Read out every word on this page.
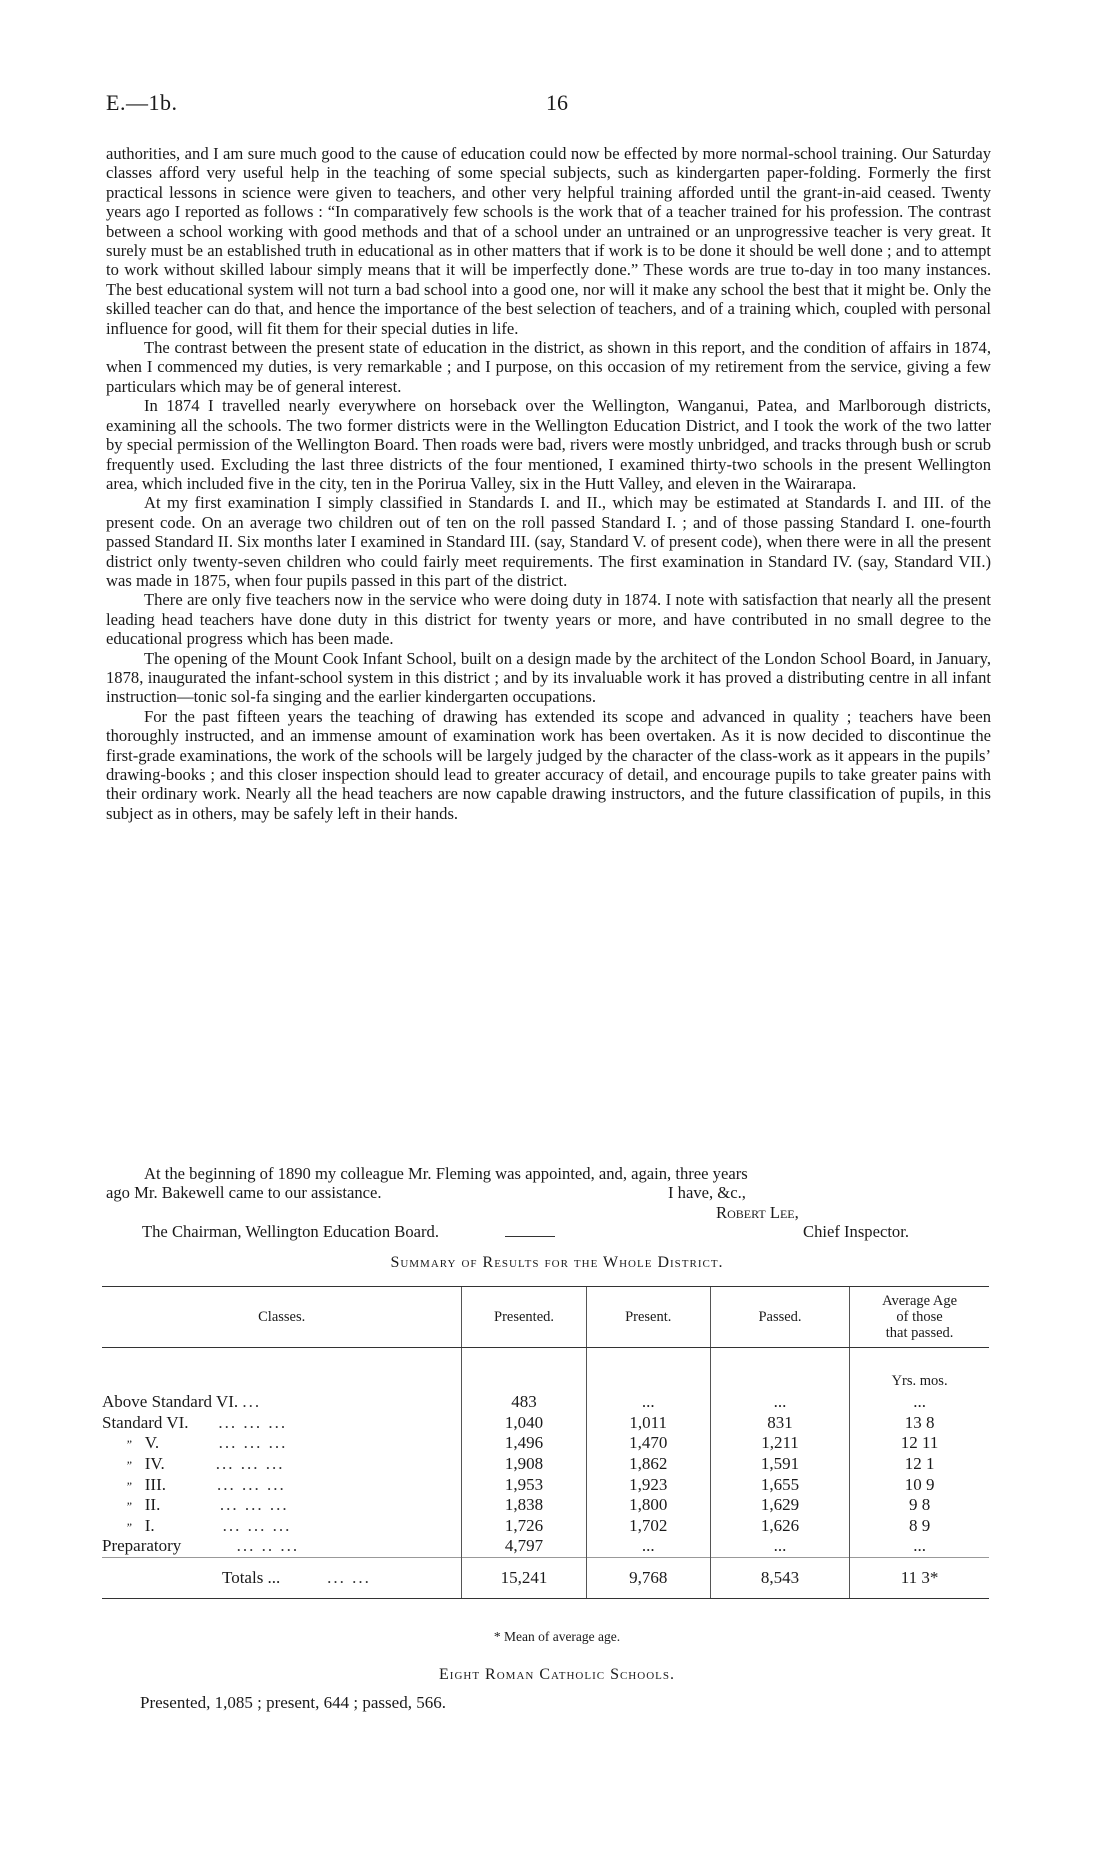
E.—1b.	16

authorities, and I am sure much good to the cause of education could now be effected by more normal-school training. Our Saturday classes afford very useful help in the teaching of some special subjects, such as kindergarten paper-folding. Formerly the first practical lessons in science were given to teachers, and other very helpful training afforded until the grant-in-aid ceased. Twenty years ago I reported as follows : “In comparatively few schools is the work that of a teacher trained for his profession. The contrast between a school working with good methods and that of a school under an untrained or an unprogressive teacher is very great. It surely must be an established truth in educational as in other matters that if work is to be done it should be well done ; and to attempt to work without skilled labour simply means that it will be imperfectly done.” These words are true to-day in too many instances. The best educational system will not turn a bad school into a good one, nor will it make any school the best that it might be. Only the skilled teacher can do that, and hence the importance of the best selection of teachers, and of a training which, coupled with personal influence for good, will fit them for their special duties in life.

The contrast between the present state of education in the district, as shown in this report, and the condition of affairs in 1874, when I commenced my duties, is very remarkable ; and I purpose, on this occasion of my retirement from the service, giving a few particulars which may be of general interest.

In 1874 I travelled nearly everywhere on horseback over the Wellington, Wanganui, Patea, and Marlborough districts, examining all the schools. The two former districts were in the Wellington Education District, and I took the work of the two latter by special permission of the Wellington Board. Then roads were bad, rivers were mostly unbridged, and tracks through bush or scrub frequently used. Excluding the last three districts of the four mentioned, I examined thirty-two schools in the present Wellington area, which included five in the city, ten in the Porirua Valley, six in the Hutt Valley, and eleven in the Wairarapa.

At my first examination I simply classified in Standards I. and II., which may be estimated at Standards I. and III. of the present code. On an average two children out of ten on the roll passed Standard I. ; and of those passing Standard I. one-fourth passed Standard II. Six months later I examined in Standard III. (say, Standard V. of present code), when there were in all the present district only twenty-seven children who could fairly meet requirements. The first examination in Standard IV. (say, Standard VII.) was made in 1875, when four pupils passed in this part of the district.

There are only five teachers now in the service who were doing duty in 1874. I note with satisfaction that nearly all the present leading head teachers have done duty in this district for twenty years or more, and have contributed in no small degree to the educational progress which has been made.

The opening of the Mount Cook Infant School, built on a design made by the architect of the London School Board, in January, 1878, inaugurated the infant-school system in this district ; and by its invaluable work it has proved a distributing centre in all infant instruction—tonic sol-fa singing and the earlier kindergarten occupations.

For the past fifteen years the teaching of drawing has extended its scope and advanced in quality ; teachers have been thoroughly instructed, and an immense amount of examination work has been overtaken. As it is now decided to discontinue the first-grade examinations, the work of the schools will be largely judged by the character of the class-work as it appears in the pupils’ drawing-books ; and this closer inspection should lead to greater accuracy of detail, and encourage pupils to take greater pains with their ordinary work. Nearly all the head teachers are now capable drawing instructors, and the future classification of pupils, in this subject as in others, may be safely left in their hands.

At the beginning of 1890 my colleague Mr. Fleming was appointed, and, again, three years
ago Mr. Bakewell came to our assistance.	I have, &c.,
Robert Lee,
The Chairman, Wellington Education Board.	Chief Inspector.
Summary of Results for the Whole District.
Classes.	Presented.	Present.	Passed.	Average Age
of those
that passed.

				Yrs. mos.
Above Standard VI. ...	483	...	...	...
Standard VI. ... ... ...	1,040	1,011	831	13 8
” V. ... ... ...	1,496	1,470	1,211	12 11
” IV. ... ... ...	1,908	1,862	1,591	12 1
” III. ... ... ...	1,953	1,923	1,655	10 9
” II. ... ... ...	1,838	1,800	1,629	9 8
” I. ... ... ...	1,726	1,702	1,626	8 9
Preparatory ... .. ...	4,797	...	...	...
Totals ... ... ...	15,241	9,768	8,543	11 3*
* Mean of average age.
Eight Roman Catholic Schools.
Presented, 1,085 ; present, 644 ; passed, 566.
